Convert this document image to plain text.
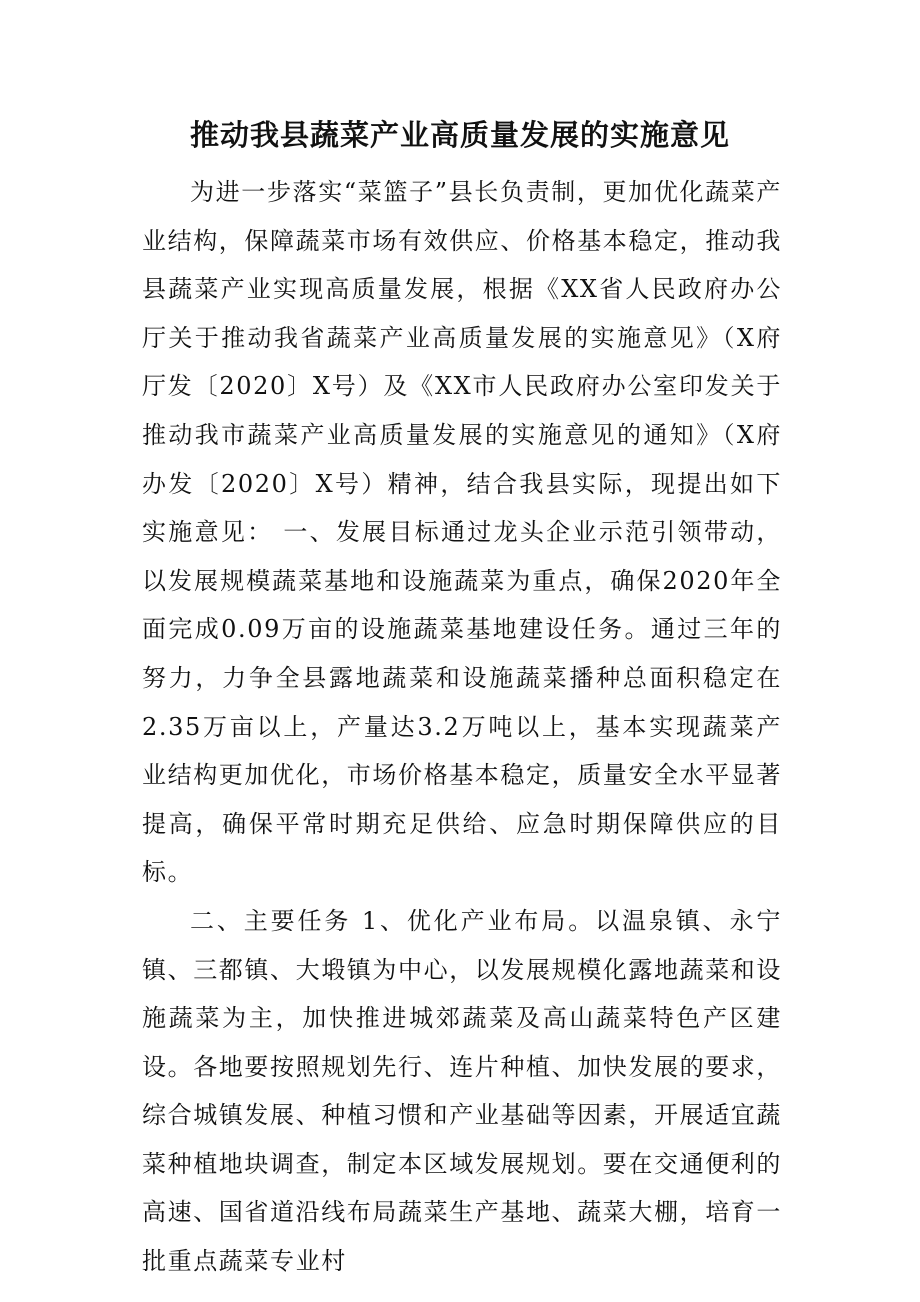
推动我县蔬菜产业高质量发展的实施意见

为进一步落实“菜篮子”县长负责制，更加优化蔬菜产业结构，保障蔬菜市场有效供应、价格基本稳定，推动我县蔬菜产业实现高质量发展，根据《XX省人民政府办公厅关于推动我省蔬菜产业高质量发展的实施意见》（X府厅发〔2020〕X号）及《XX市人民政府办公室印发关于推动我市蔬菜产业高质量发展的实施意见的通知》（X府办发〔2020〕X号）精神，结合我县实际，现提出如下实施意见： 一、发展目标通过龙头企业示范引领带动，以发展规模蔬菜基地和设施蔬菜为重点，确保2020年全面完成0.09万亩的设施蔬菜基地建设任务。通过三年的努力，力争全县露地蔬菜和设施蔬菜播种总面积稳定在2.35万亩以上，产量达3.2万吨以上，基本实现蔬菜产业结构更加优化，市场价格基本稳定，质量安全水平显著提高，确保平常时期充足供给、应急时期保障供应的目标。

二、主要任务 1、优化产业布局。以温泉镇、永宁镇、三都镇、大塅镇为中心，以发展规模化露地蔬菜和设施蔬菜为主，加快推进城郊蔬菜及高山蔬菜特色产区建设。各地要按照规划先行、连片种植、加快发展的要求，综合城镇发展、种植习惯和产业基础等因素，开展适宜蔬菜种植地块调查，制定本区域发展规划。要在交通便利的高速、国省道沿线布局蔬菜生产基地、蔬菜大棚，培育一批重点蔬菜专业村
